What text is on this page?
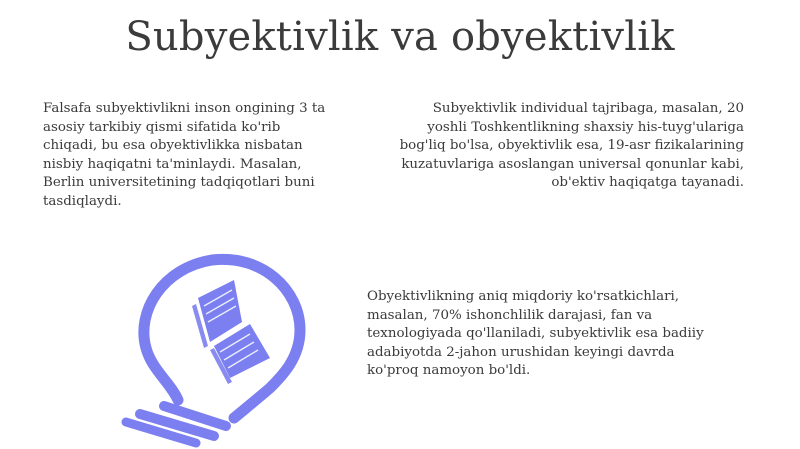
Subyektivlik va obyektivlik

Falsafa subyektivlikni inson ongining 3 ta
asosiy tarkibiy qismi sifatida ko'rib
chiqadi, bu esa obyektivlikka nisbatan
nisbiy haqiqatni ta'minlaydi. Masalan,
Berlin universitetining tadqiqotlari buni
tasdiqlaydi.

Subyektivlik individual tajribaga, masalan, 20
yoshli Toshkentlikning shaxsiy his-tuyg'ulariga
bog'liq bo'lsa, obyektivlik esa, 19-asr fizikalarining
kuzatuvlariga asoslangan universal qonunlar kabi,
ob'ektiv haqiqatga tayanadi.

Obyektivlikning aniq miqdoriy ko'rsatkichlari,
masalan, 70% ishonchlilik darajasi, fan va
texnologiyada qo'llaniladi, subyektivlik esa badiiy
adabiyotda 2-jahon urushidan keyingi davrda
ko'proq namoyon bo'ldi.
